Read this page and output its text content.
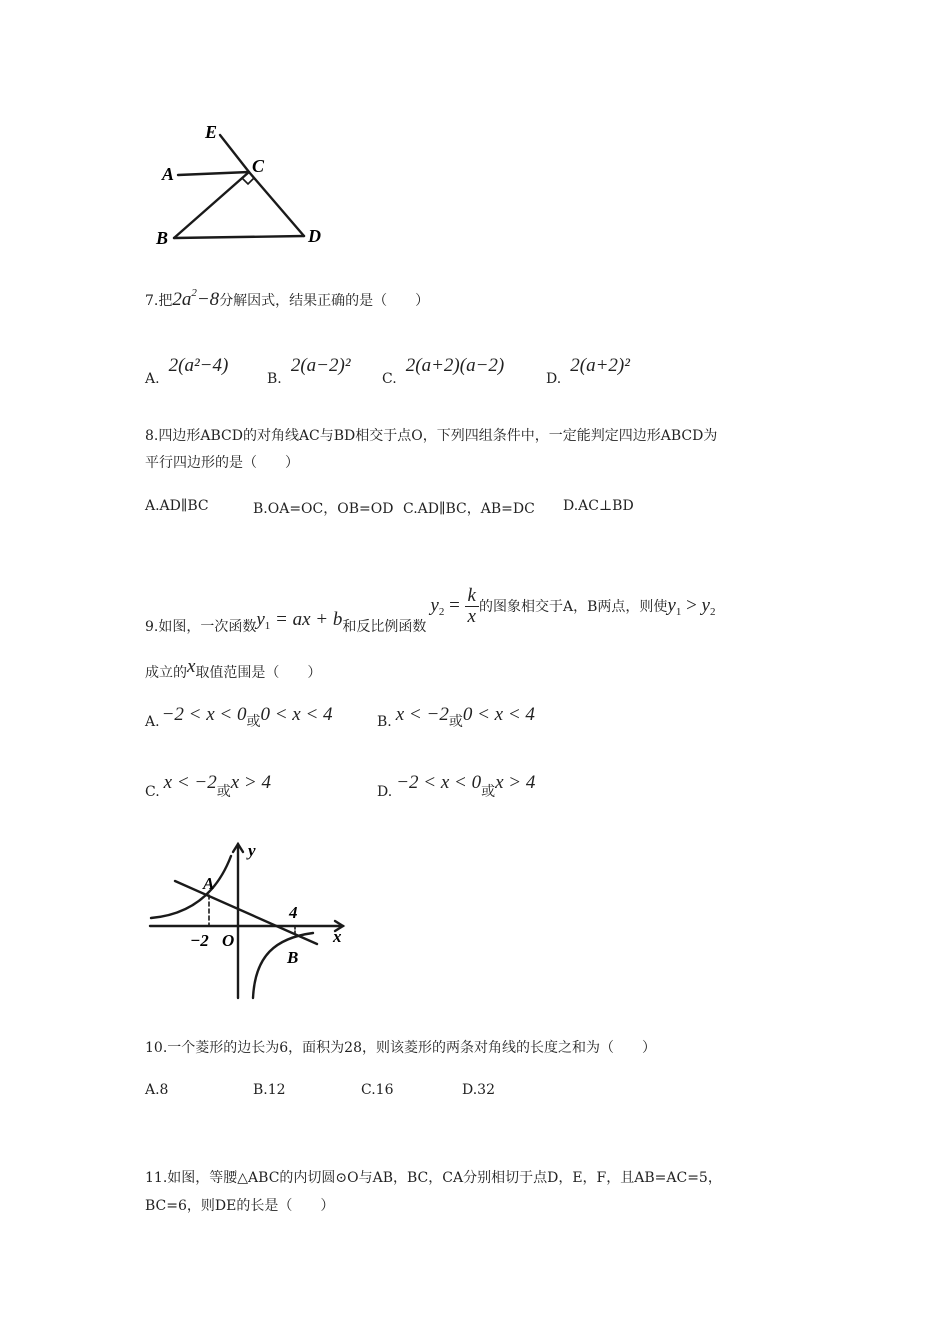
E
A	C
B	D
7.把$2a^2-8$分解因式，结果正确的是（　　）
A. 2(a²−4)
B. 2(a−2)²
C. 2(a+2)(a−2)
D. 2(a+2)²
8.四边形ABCD的对角线AC与BD相交于点O，下列四组条件中，一定能判定四边形ABCD为
平行四边形的是（　　）
A.AD∥BC	B.OA=OC，OB=OD C.AD∥BC，AB=DC D.AC⊥BD
9.如图，一次函数$y_1$ = ax + b和反比例函数$y_2 = \frac{k}{x}$ 的图象相交于A，B两点，则使$y_1 > y_2$
成立的x取值范围是（　　）
A. −2 < x < 0或0 < x < 4	B. x < −2或0 < x < 4
C. x < −2或x > 4	D. −2 < x < 0或x > 4
y
A
4
x
−2 O
B
10.一个菱形的边长为6，面积为28，则该菱形的两条对角线的长度之和为（　　）
A.8	B.12	C.16	D.32
11.如图，等腰△ABC的内切圆⊙O与AB，BC，CA分别相切于点D，E，F，且AB=AC=5，
BC=6，则DE的长是（　　）
